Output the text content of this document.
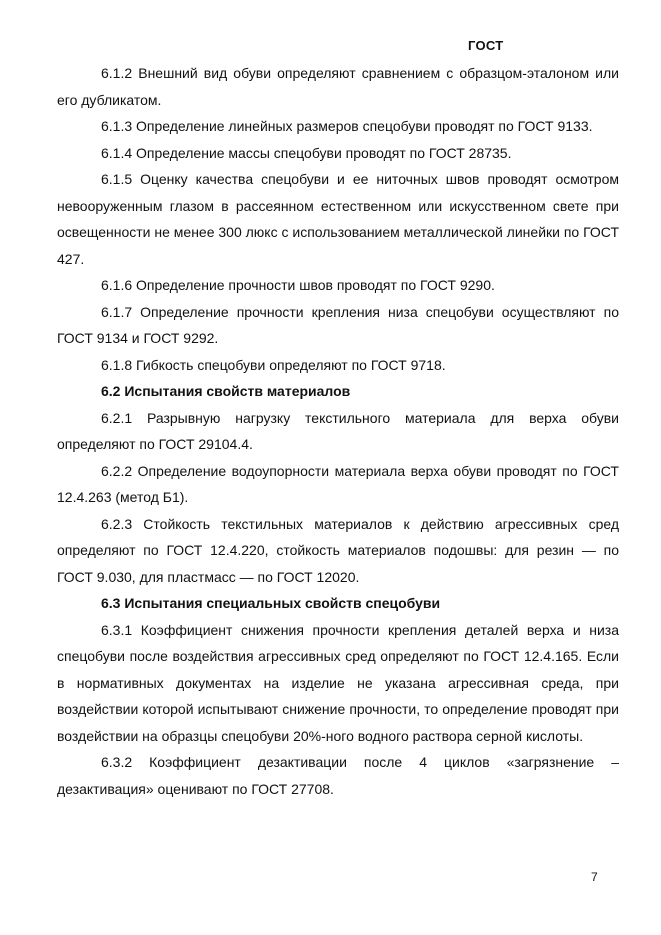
ГОСТ

6.1.2 Внешний вид обуви определяют сравнением с образцом-эталоном или его дубликатом.

6.1.3 Определение линейных размеров спецобуви проводят по ГОСТ 9133.

6.1.4 Определение массы спецобуви проводят по ГОСТ 28735.

6.1.5 Оценку качества спецобуви и ее ниточных швов проводят осмотром невооруженным глазом в рассеянном естественном или искусственном свете при освещенности не менее 300 люкс с использованием металлической линейки по ГОСТ 427.

6.1.6 Определение прочности швов проводят по ГОСТ 9290.

6.1.7 Определение прочности крепления низа спецобуви осуществляют по ГОСТ 9134 и ГОСТ 9292.

6.1.8 Гибкость спецобуви определяют по ГОСТ 9718.

6.2 Испытания свойств материалов

6.2.1 Разрывную нагрузку текстильного материала для верха обуви определяют по ГОСТ 29104.4.

6.2.2 Определение водоупорности материала верха обуви проводят по ГОСТ 12.4.263 (метод Б1).

6.2.3 Стойкость текстильных материалов к действию агрессивных сред определяют по ГОСТ 12.4.220, стойкость материалов подошвы: для резин — по ГОСТ 9.030, для пластмасс — по ГОСТ 12020.

6.3 Испытания специальных свойств спецобуви

6.3.1 Коэффициент снижения прочности крепления деталей верха и низа спецобуви после воздействия агрессивных сред определяют по ГОСТ 12.4.165. Если в нормативных документах на изделие не указана агрессивная среда, при воздействии которой испытывают снижение прочности, то определение проводят при воздействии на образцы спецобуви 20%-ного водного раствора серной кислоты.

6.3.2 Коэффициент дезактивации после 4 циклов «загрязнение – дезактивация» оценивают по ГОСТ 27708.

7
